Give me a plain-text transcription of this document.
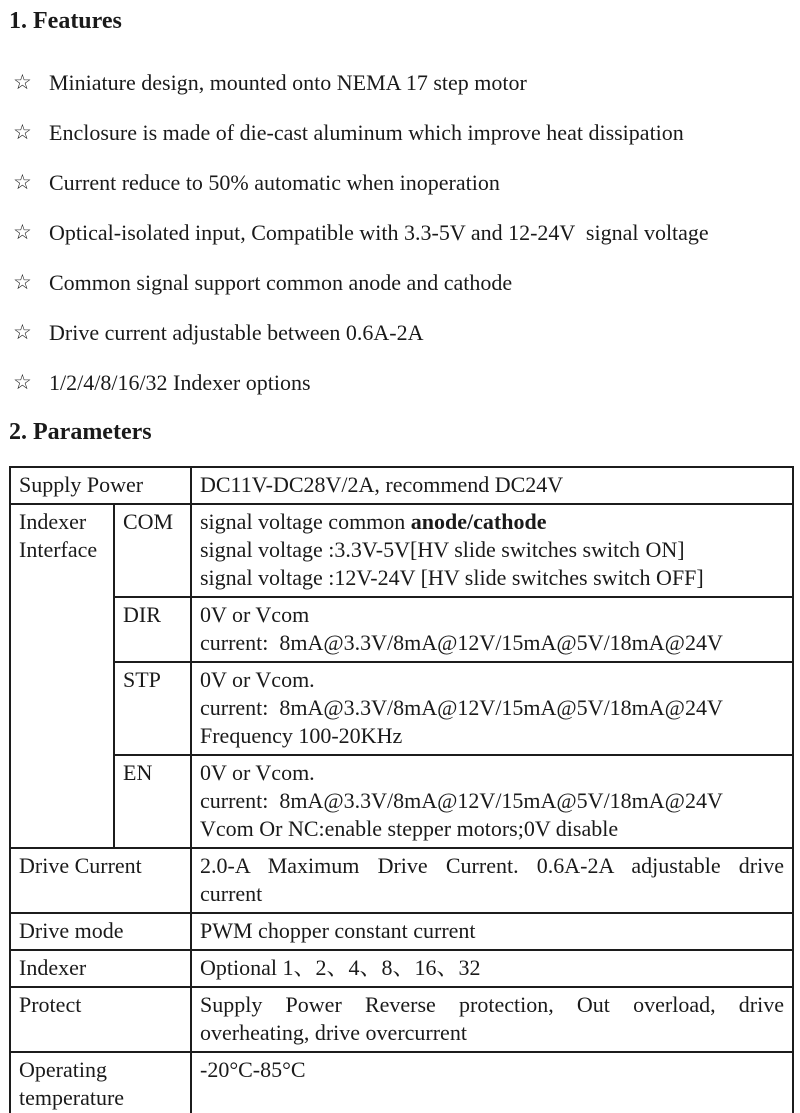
1. Features
☆ Miniature design, mounted onto NEMA 17 step motor
☆ Enclosure is made of die-cast aluminum which improve heat dissipation
☆ Current reduce to 50% automatic when inoperation
☆ Optical-isolated input, Compatible with 3.3-5V and 12-24V  signal voltage
☆ Common signal support common anode and cathode
☆ Drive current adjustable between 0.6A-2A
☆ 1/2/4/8/16/32 Indexer options
2. Parameters
Supply Power		DC11V-DC28V/2A, recommend DC24V
Indexer Interface	COM	signal voltage common anode/cathode
signal voltage :3.3V-5V[HV slide switches switch ON]
signal voltage :12V-24V [HV slide switches switch OFF]

	DIR	0V or Vcom
current:  8mA@3.3V/8mA@12V/15mA@5V/18mA@24V

	STP	0V or Vcom.
current:  8mA@3.3V/8mA@12V/15mA@5V/18mA@24V
Frequency 100-20KHz

	EN	0V or Vcom.
current:  8mA@3.3V/8mA@12V/15mA@5V/18mA@24V
Vcom Or NC:enable stepper motors;0V disable

Drive Current		2.0-A Maximum Drive Current. 0.6A-2A adjustable drive
current

Drive mode		PWM chopper constant current
Indexer		Optional 1、2、4、8、16、32
Protect		Supply Power Reverse protection, Out overload, drive
overheating, drive overcurrent

Operating temperature		-20°C-85°C
